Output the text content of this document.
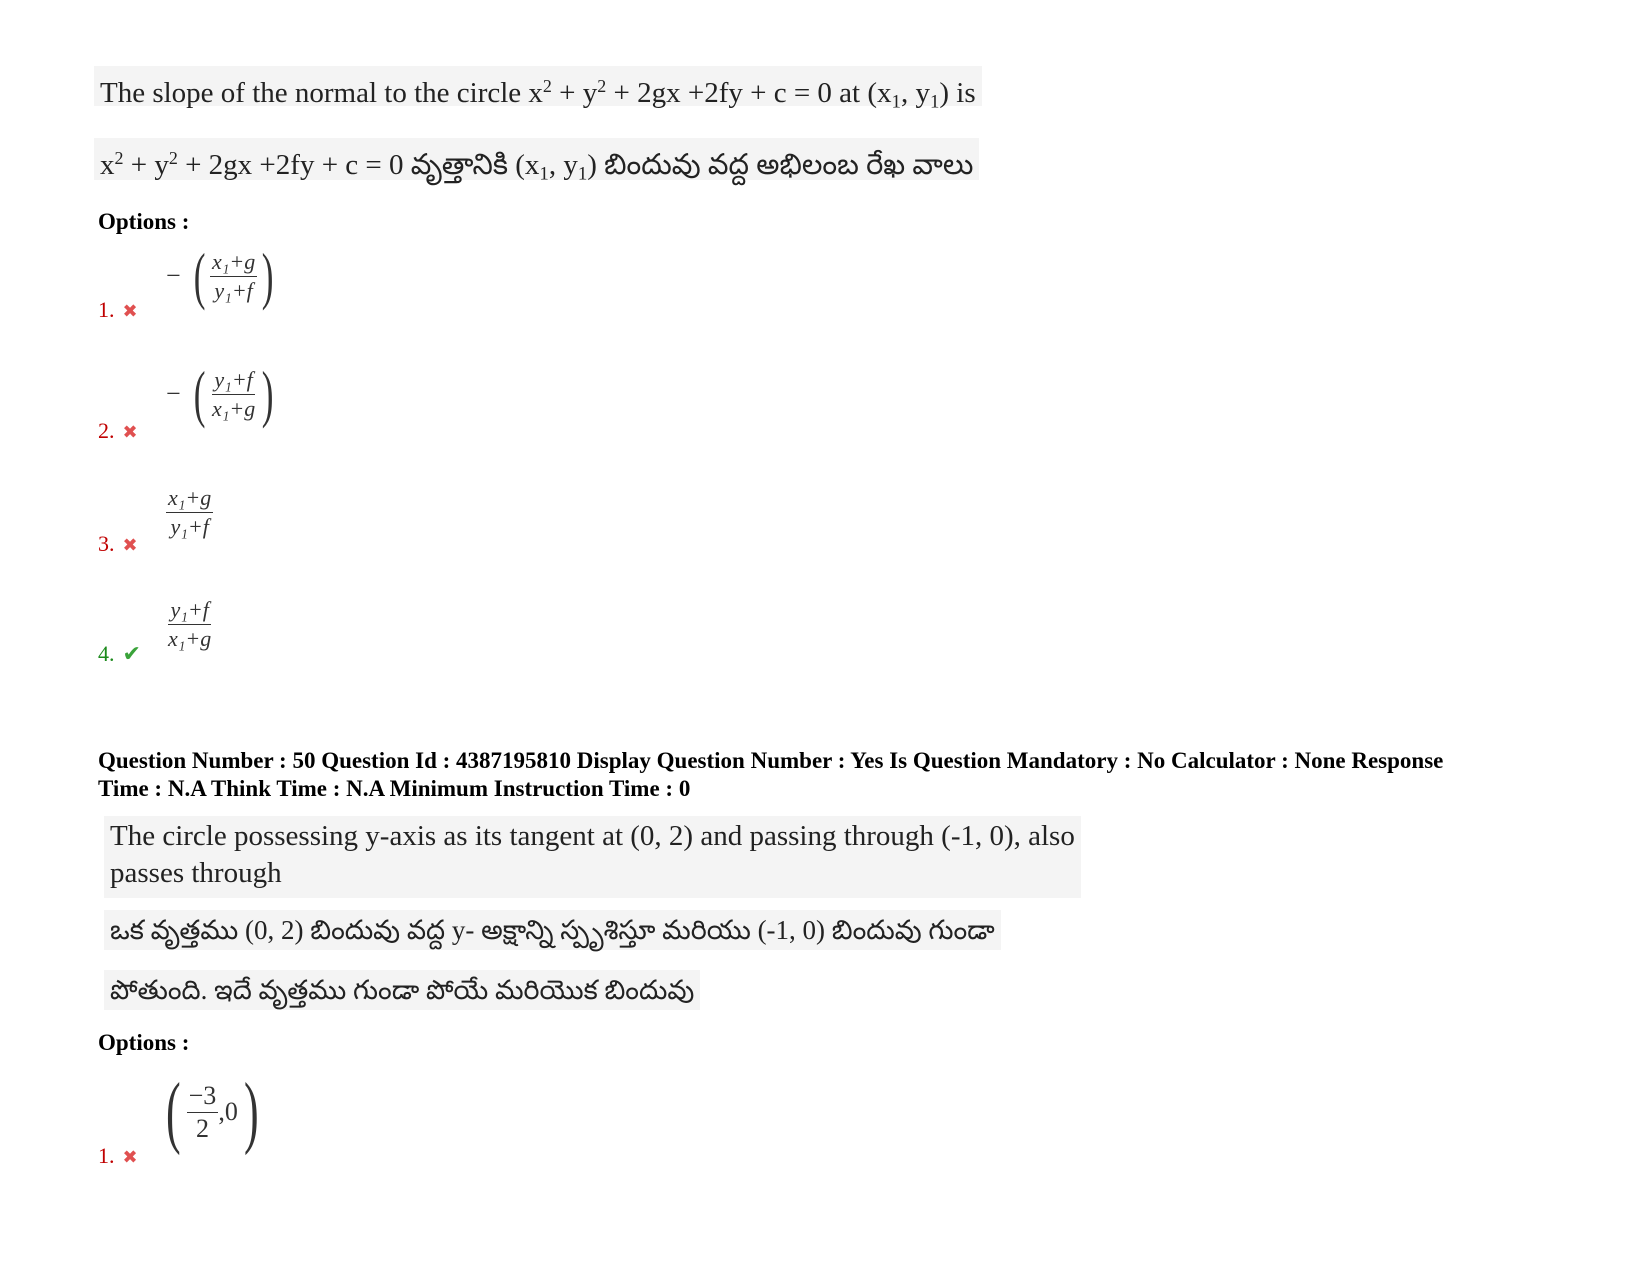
The slope of the normal to the circle $x^2 + y^2 + 2gx +2fy + c = 0$ at ($x_1$, $y_1$) is
$x^2 + y^2 + 2gx +2fy + c = 0$ వృత్తానికి ($x_1$, $y_1$) బిందువు వద్ద అభిలంబ రేఖ వాలు
Options :
1. ✖
− ( $\frac{\text{x₁+g}}{\text{y₁+f}}$ )
2. ✖
− ( $\frac{\text{y₁+f}}{\text{x₁+g}}$ )
3. ✖
$\frac{\text{x₁+g}}{\text{y₁+f}}$
4. ✔
$\frac{\text{y₁+f}}{\text{x₁+g}}$
Question Number : 50 Question Id : 4387195810 Display Question Number : Yes Is Question Mandatory : No Calculator : None Response
Time : N.A Think Time : N.A Minimum Instruction Time : 0
The circle possessing y-axis as its tangent at (0, 2) and passing through (-1, 0), also
passes through
ఒక వృత్తము (0, 2) బిందువు వద్ద y- అక్షాన్ని స్పృశిస్తూ మరియు (-1, 0) బిందువు గుండా
పోతుంది. ఇదే వృత్తము గుండా పోయే మరియొక బిందువు
Options :
1. ✖
( $\frac{-3}{2} ,0$ )
